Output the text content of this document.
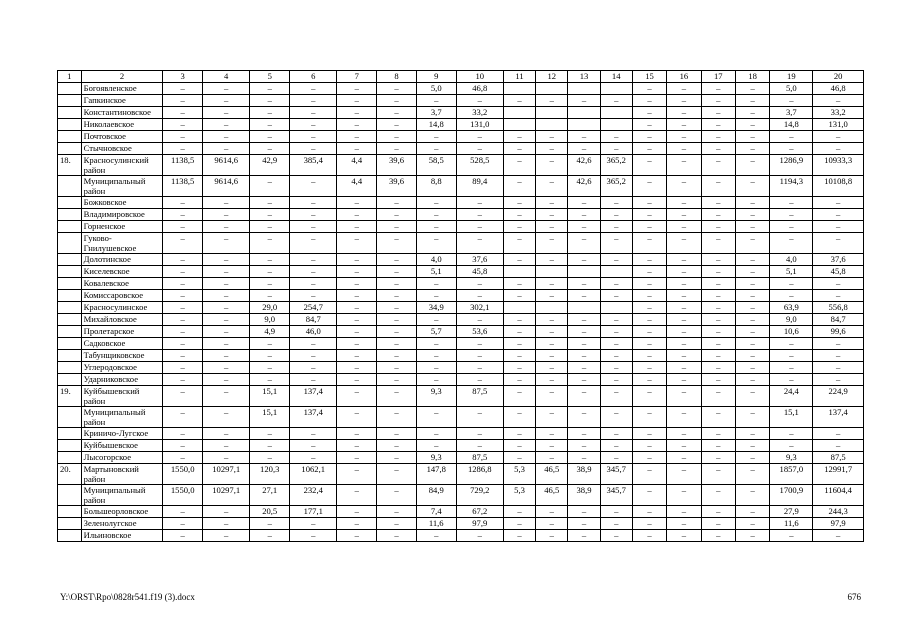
1	2	3	4	5	6	7	8	9	10	11	12	13	14	15	16	17	18	19	20
	Богоявленское	–	–	–	–	–	–	5,0	46,8					–	–	–	–	5,0	46,8
	Гапкинское	–	–	–	–	–	–	–	–	–	–	–	–	–	–	–	–	–	–
	Константиновское	–	–	–	–	–	–	3,7	33,2					–	–	–	–	3,7	33,2
	Николаевское	–	–	–	–	–	–	14,8	131,0					–	–	–	–	14,8	131,0
	Почтовское	–	–	–	–	–	–	–	–	–	–	–	–	–	–	–	–	–	–
	Стычновское	–	–	–	–	–	–	–	–	–	–	–	–	–	–	–	–	–	–
18.	Красносулинский район	1138,5	9614,6	42,9	385,4	4,4	39,6	58,5	528,5	–	–	42,6	365,2	–	–	–	–	1286,9	10933,3
	Муниципальный район	1138,5	9614,6	–	–	4,4	39,6	8,8	89,4	–	–	42,6	365,2	–	–	–	–	1194,3	10108,8
	Божковское	–	–	–	–	–	–	–	–	–	–	–	–	–	–	–	–	–	–
	Владимировское	–	–	–	–	–	–	–	–	–	–	–	–	–	–	–	–	–	–
	Горненское	–	–	–	–	–	–	–	–	–	–	–	–	–	–	–	–	–	–
	Гуково-Гнилушевское	–	–	–	–	–	–	–	–	–	–	–	–	–	–	–	–	–	–
	Долотинское	–	–	–	–	–	–	4,0	37,6	–	–	–	–	–	–	–	–	4,0	37,6
	Киселевское	–	–	–	–	–	–	5,1	45,8					–	–	–	–	5,1	45,8
	Ковалевское	–	–	–	–	–	–	–	–	–	–	–	–	–	–	–	–	–	–
	Комиссаровское	–	–	–	–	–	–	–	–	–	–	–	–	–	–	–	–	–	–
	Красносулинское	–	–	29,0	254,7	–	–	34,9	302,1					–	–	–	–	63,9	556,8
	Михайловское	–	–	9,0	84,7	–	–	–	–	–	–	–	–	–	–	–	–	9,0	84,7
	Пролетарское	–	–	4,9	46,0	–	–	5,7	53,6	–	–	–	–	–	–	–	–	10,6	99,6
	Садковское	–	–	–	–	–	–	–	–	–	–	–	–	–	–	–	–	–	–
	Табунщиковское	–	–	–	–	–	–	–	–	–	–	–	–	–	–	–	–	–	–
	Углеродовское	–	–	–	–	–	–	–	–	–	–	–	–	–	–	–	–	–	–
	Ударниковское	–	–	–	–	–	–	–	–	–	–	–	–	–	–	–	–	–	–
19.	Куйбышевский район	–	–	15,1	137,4	–	–	9,3	87,5	–	–	–	–	–	–	–	–	24,4	224,9
	Муниципальный район	–	–	15,1	137,4	–	–	–	–	–	–	–	–	–	–	–	–	15,1	137,4
	Криничо-Лугское	–	–	–	–	–	–	–	–	–	–	–	–	–	–	–	–	–	–
	Куйбышевское	–	–	–	–	–	–	–	–	–	–	–	–	–	–	–	–	–	–
	Лысогорское	–	–	–	–	–	–	9,3	87,5	–	–	–	–	–	–	–	–	9,3	87,5
20.	Мартыновский район	1550,0	10297,1	120,3	1062,1	–	–	147,8	1286,8	5,3	46,5	38,9	345,7	–	–	–	–	1857,0	12991,7
	Муниципальный район	1550,0	10297,1	27,1	232,4	–	–	84,9	729,2	5,3	46,5	38,9	345,7	–	–	–	–	1700,9	11604,4
	Большеорловское	–	–	20,5	177,1	–	–	7,4	67,2	–	–	–	–	–	–	–	–	27,9	244,3
	Зеленолугское	–	–	–	–	–	–	11,6	97,9	–	–	–	–	–	–	–	–	11,6	97,9
	Ильиновское	–	–	–	–	–	–	–	–	–	–	–	–	–	–	–	–	–	–
Y:\ORST\Rpo\0828r541.f19 (3).docx	676
